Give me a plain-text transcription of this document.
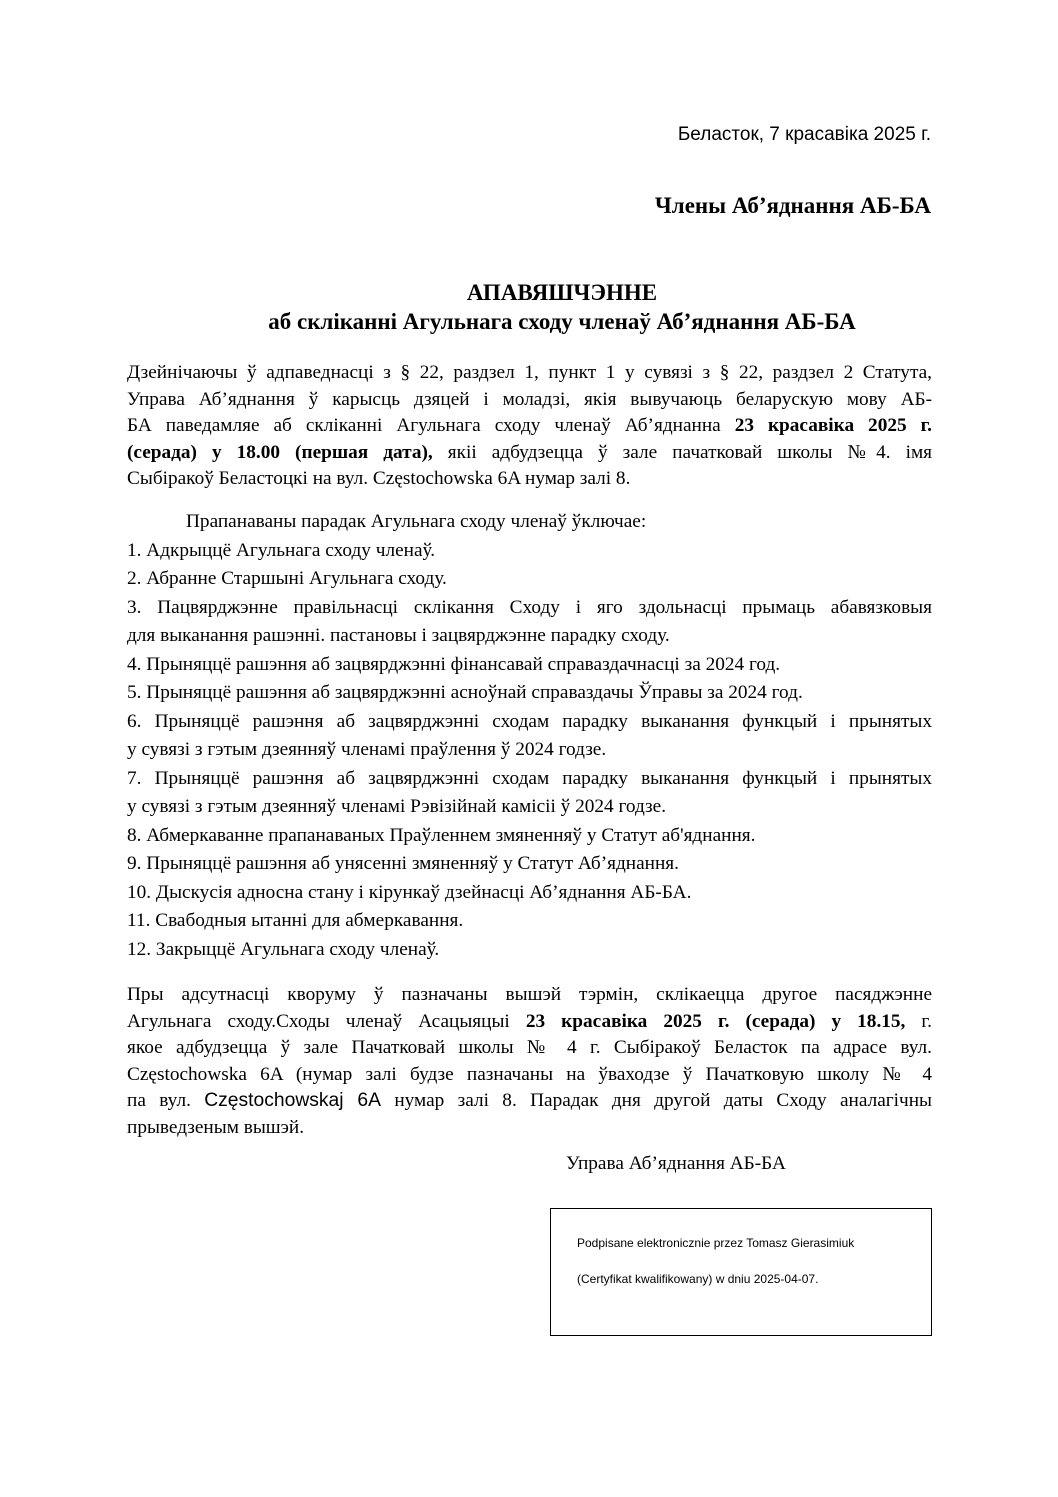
Беласток, 7 красавіка 2025 г.
Члены Аб’яднання АБ-БА
АПАВЯШЧЭННЕ
аб скліканні Агульнага сходу членаў Аб’яднання АБ-БА
Дзейнічаючы ў адпаведнасці з § 22, раздзел 1, пункт 1 у сувязі з § 22, раздзел 2 Статута,
Управа Аб’яднання ў карысць дзяцей і моладзі, якія вывучаюць беларускую мову АБ-
БА паведамляе аб скліканні Агульнага сходу членаў Аб’яднанна 23 красавіка 2025 г.
(серада) у 18.00 (першая дата), якіі адбудзецца ў зале пачатковай школы №4. імя
Сыбіракоў Беластоцкі на вул. Częstochowska 6A нумар залі 8.
Прапанаваны парадак Агульнага сходу членаў ўключае:
1. Адкрыццё Агульнага сходу членаў.
2. Абранне Старшыні Агульнага сходу.
3. Пацвярджэнне правільнасці склікання Сходу і яго здольнасці прымаць абавязковыя
для выканання рашэнні. пастановы і зацвярджэнне парадку сходу.
4. Прыняццё рашэння аб зацвярджэнні фінансавай справаздачнасці за 2024 год.
5. Прыняццё рашэння аб зацвярджэнні асноўнай справаздачы Ўправы за 2024 год.
6. Прыняццё рашэння аб зацвярджэнні сходам парадку выканання функцый і прынятых
у сувязі з гэтым дзеянняў членамі праўлення ў 2024 годзе.
7. Прыняццё рашэння аб зацвярджэнні сходам парадку выканання функцый і прынятых
у сувязі з гэтым дзеянняў членамі Рэвізійнай камісіі ў 2024 годзе.
8. Абмеркаванне прапанаваных Праўленнем змяненняў у Статут аб'яднання.
9. Прыняццё рашэння аб унясенні змяненняў у Статут Аб’яднання.
10. Дыскусія адносна стану і кірункаў дзейнасці Аб’яднання АБ-БА.
11. Свабодныя ытанні для абмеркавання.
12. Закрыццё Агульнага сходу членаў.
Пры адсутнасці кворуму ў пазначаны вышэй тэрмін, склікаецца другое пасяджэнне
Агульнага сходу.Сходы членаў Асацыяцыі 23 красавіка 2025 г. (серада) у 18.15, г.
якое адбудзецца ў зале Пачатковай школы № 4 г. Сыбіракоў Беласток па адрасе вул.
Częstochowska 6A (нумар залі будзе пазначаны на ўваходзе ў Пачатковую школу № 4
па вул. Częstochowskaj 6A нумар залі 8. Парадак дня другой даты Сходу аналагічны
прыведзеным вышэй.
Управа Аб’яднання АБ-БА
Podpisane elektronicznie przez Tomasz Gierasimiuk
(Certyfikat kwalifikowany) w dniu 2025-04-07.
